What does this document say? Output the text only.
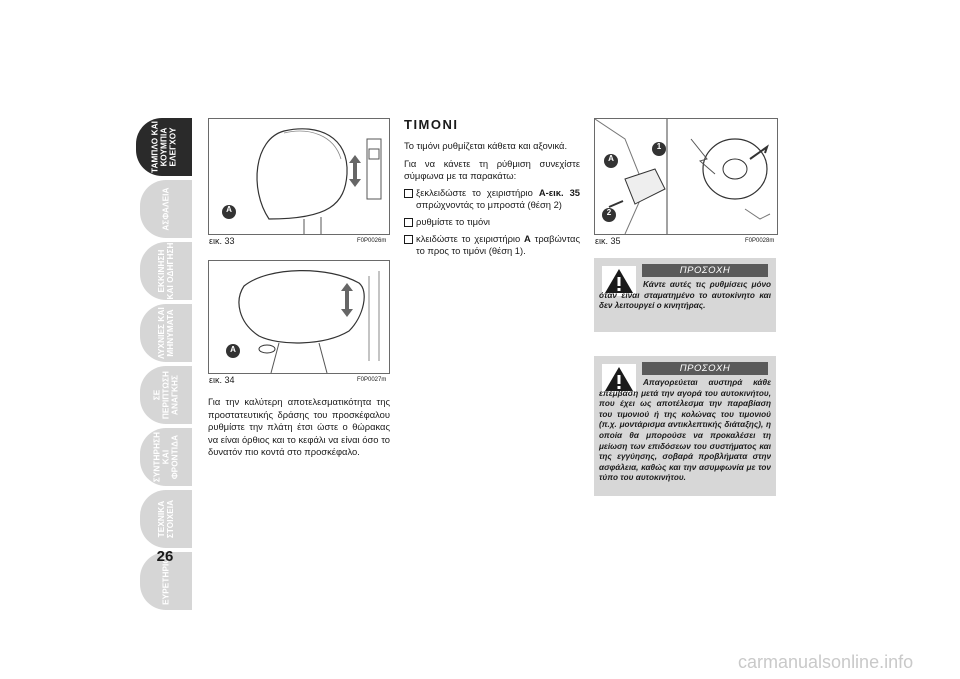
ΤΑΜΠΛΟ ΚΑΙ ΚΟΥΜΠΙΑ ΕΛΕΓΧΟΥ
ΑΣΦΑΛΕΙΑ
ΕΚΚΙΝΗΣΗ ΚΑΙ ΟΔΗΓΗΣΗ
ΛΥΧΝΙΕΣ ΚΑΙ ΜΗΝΥΜΑΤΑ
ΣΕ ΠΕΡΙΠΤΩΣΗ ΑΝΑΓΚΗΣ
ΣΥΝΤΗΡΗΣΗ ΚΑΙ ΦΡΟΝΤΙΔΑ
ΤΕΧΝΙΚΑ ΣΤΟΙΧΕΙΑ
ΕΥΡΕΤΗΡΙΟ
A
εικ. 33	F0P0026m
A
εικ. 34	F0P0027m
Για την καλύτερη αποτελεσματικότητα της προστατευτικής δράσης του προσκέφαλου ρυθμίστε την πλάτη έτσι ώστε ο θώρακας να είναι όρθιος και το κεφάλι να είναι όσο το δυνατόν πιο κοντά στο προσκέφαλο.
ΤΙΜΟΝΙ
Το τιμόνι ρυθμίζεται κάθετα και αξονικά.
Για να κάνετε τη ρύθμιση συνεχίστε σύμφωνα με τα παρακάτω:
ξεκλειδώστε το χειριστήριο A-εικ. 35 σπρώχνοντάς το μπροστά (θέση 2)
ρυθμίστε το τιμόνι
κλειδώστε το χειριστήριο A τραβώντας το προς το τιμόνι (θέση 1).
A
1
2
εικ. 35	F0P0028m
ΠΡΟΣΟΧΗ
Κάντε αυτές τις ρυθμίσεις μόνο όταν είναι σταματημένο το αυτοκίνητο και δεν λειτουργεί ο κινητήρας.
ΠΡΟΣΟΧΗ
Απαγορεύεται αυστηρά κάθε επέμβαση μετά την αγορά του αυτοκινήτου, που έχει ως αποτέλεσμα την παραβίαση του τιμονιού ή της κολώνας του τιμονιού (π.χ. μοντάρισμα αντικλεπτικής διάταξης), η οποία θα μπορούσε να προκαλέσει τη μείωση των επιδόσεων του συστήματος και της εγγύησης, σοβαρά προβλήματα στην ασφάλεια, καθώς και την ασυμφωνία με τον τύπο του αυτοκινήτου.
26
carmanualsonline.info
